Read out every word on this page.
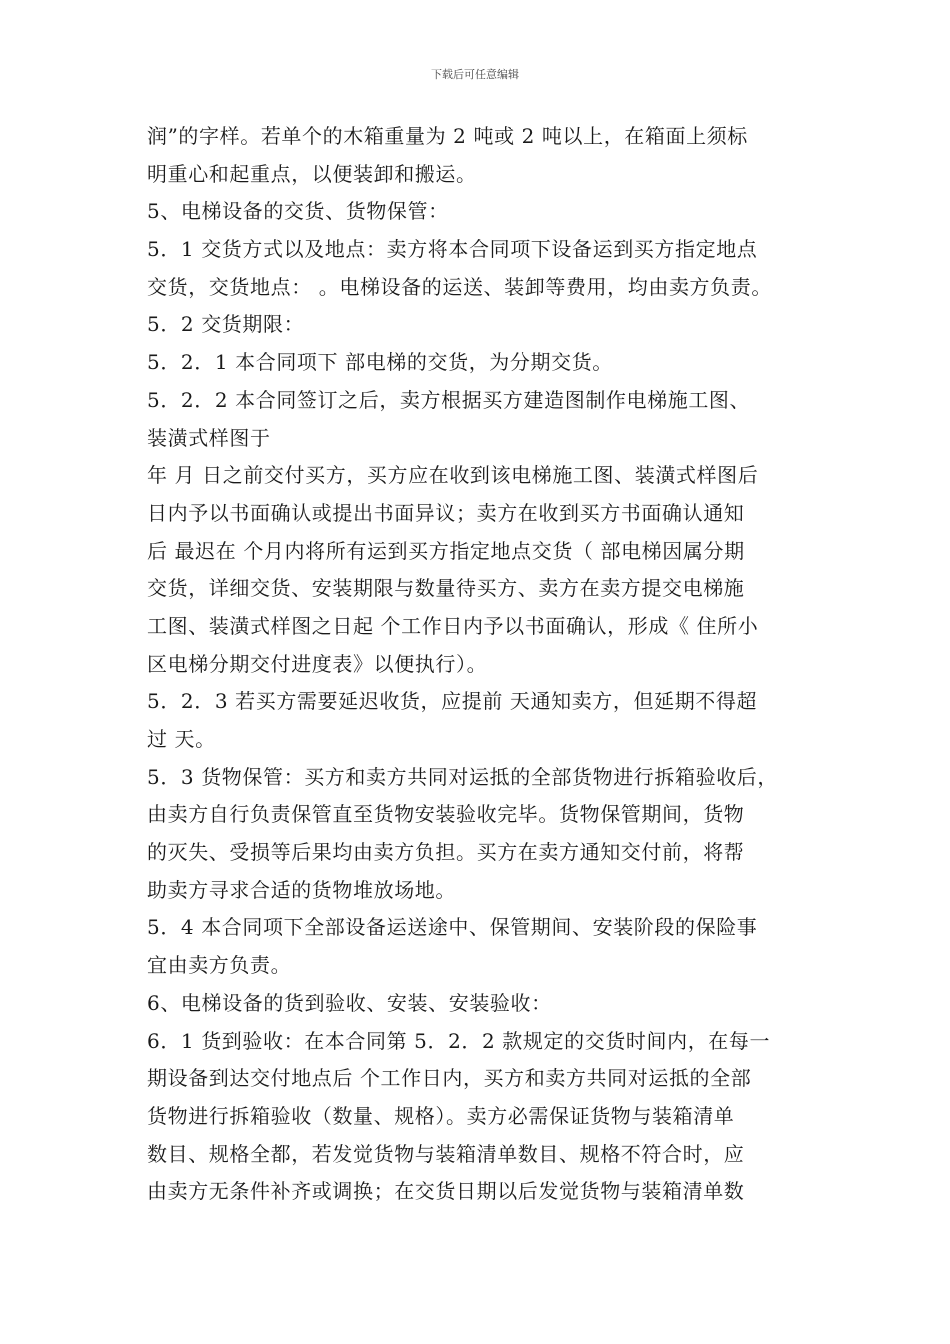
下载后可任意编辑
润”的字样。若单个的木箱重量为 2 吨或 2 吨以上，在箱面上须标
明重心和起重点，以便装卸和搬运。
5、电梯设备的交货、货物保管：
5．1 交货方式以及地点：卖方将本合同项下设备运到买方指定地点
交货，交货地点： 。电梯设备的运送、装卸等费用，均由卖方负责。
5．2 交货期限：
5．2．1 本合同项下 部电梯的交货，为分期交货。
5．2．2 本合同签订之后，卖方根据买方建造图制作电梯施工图、
装潢式样图于
年 月 日之前交付买方，买方应在收到该电梯施工图、装潢式样图后
日内予以书面确认或提出书面异议；卖方在收到买方书面确认通知
后 最迟在 个月内将所有运到买方指定地点交货（ 部电梯因属分期
交货，详细交货、安装期限与数量待买方、卖方在卖方提交电梯施
工图、装潢式样图之日起 个工作日内予以书面确认，形成《 住所小
区电梯分期交付进度表》以便执行）。
5．2．3 若买方需要延迟收货，应提前 天通知卖方，但延期不得超
过 天。
5．3 货物保管：买方和卖方共同对运抵的全部货物进行拆箱验收后，
由卖方自行负责保管直至货物安装验收完毕。货物保管期间，货物
的灭失、受损等后果均由卖方负担。买方在卖方通知交付前，将帮
助卖方寻求合适的货物堆放场地。
5．4 本合同项下全部设备运送途中、保管期间、安装阶段的保险事
宜由卖方负责。
6、电梯设备的货到验收、安装、安装验收：
6．1 货到验收：在本合同第 5．2．2 款规定的交货时间内，在每一
期设备到达交付地点后 个工作日内，买方和卖方共同对运抵的全部
货物进行拆箱验收（数量、规格）。卖方必需保证货物与装箱清单
数目、规格全都，若发觉货物与装箱清单数目、规格不符合时，应
由卖方无条件补齐或调换；在交货日期以后发觉货物与装箱清单数
